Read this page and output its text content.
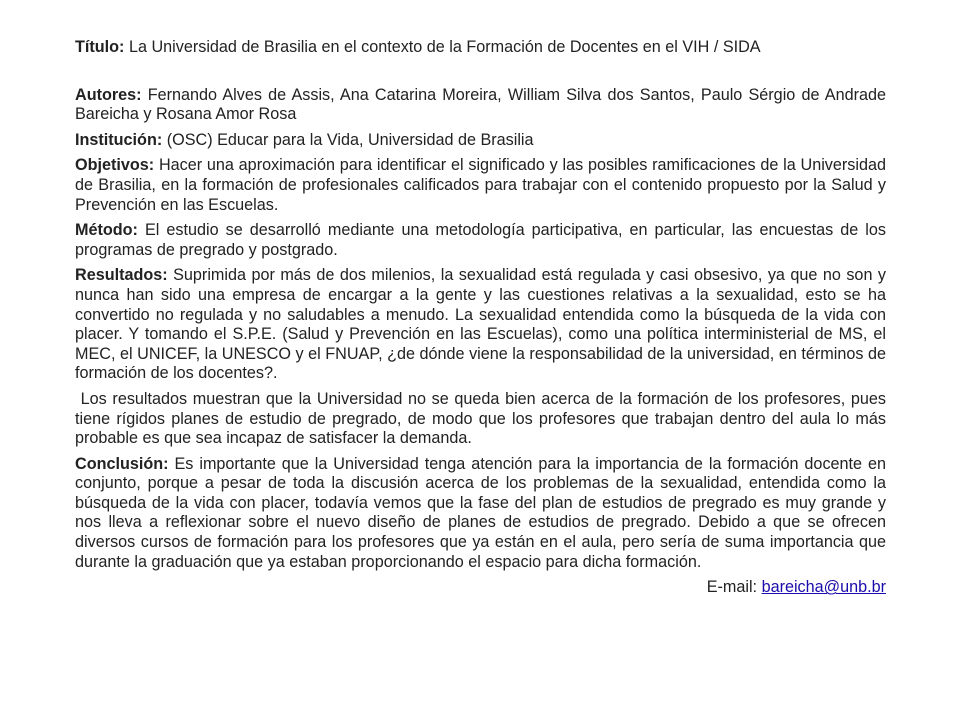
Título: La Universidad de Brasilia en el contexto de la Formación de Docentes en el VIH / SIDA

Autores: Fernando Alves de Assis, Ana Catarina Moreira, William Silva dos Santos, Paulo Sérgio de Andrade Bareicha y Rosana Amor Rosa

Institución: (OSC) Educar para la Vida, Universidad de Brasilia

Objetivos: Hacer una aproximación para identificar el significado y las posibles ramificaciones de la Universidad de Brasilia, en la formación de profesionales calificados para trabajar con el contenido propuesto por la Salud y Prevención en las Escuelas.

Método: El estudio se desarrolló mediante una metodología participativa, en particular, las encuestas de los programas de pregrado y postgrado.

Resultados: Suprimida por más de dos milenios, la sexualidad está regulada y casi obsesivo, ya que no son y nunca han sido una empresa de encargar a la gente y las cuestiones relativas a la sexualidad, esto se ha convertido no regulada y no saludables a menudo. La sexualidad entendida como la búsqueda de la vida con placer. Y tomando el S.P.E. (Salud y Prevención en las Escuelas), como una política interministerial de MS, el MEC, el UNICEF, la UNESCO y el FNUAP, ¿de dónde viene la responsabilidad de la universidad, en términos de formación de los docentes?.

Los resultados muestran que la Universidad no se queda bien acerca de la formación de los profesores, pues tiene rígidos planes de estudio de pregrado, de modo que los profesores que trabajan dentro del aula lo más probable es que sea incapaz de satisfacer la demanda.

Conclusión: Es importante que la Universidad tenga atención para la importancia de la formación docente en conjunto, porque a pesar de toda la discusión acerca de los problemas de la sexualidad, entendida como la búsqueda de la vida con placer, todavía vemos que la fase del plan de estudios de pregrado es muy grande y nos lleva a reflexionar sobre el nuevo diseño de planes de estudios de pregrado. Debido a que se ofrecen diversos cursos de formación para los profesores que ya están en el aula, pero sería de suma importancia que durante la graduación que ya estaban proporcionando el espacio para dicha formación.

E-mail: bareicha@unb.br
